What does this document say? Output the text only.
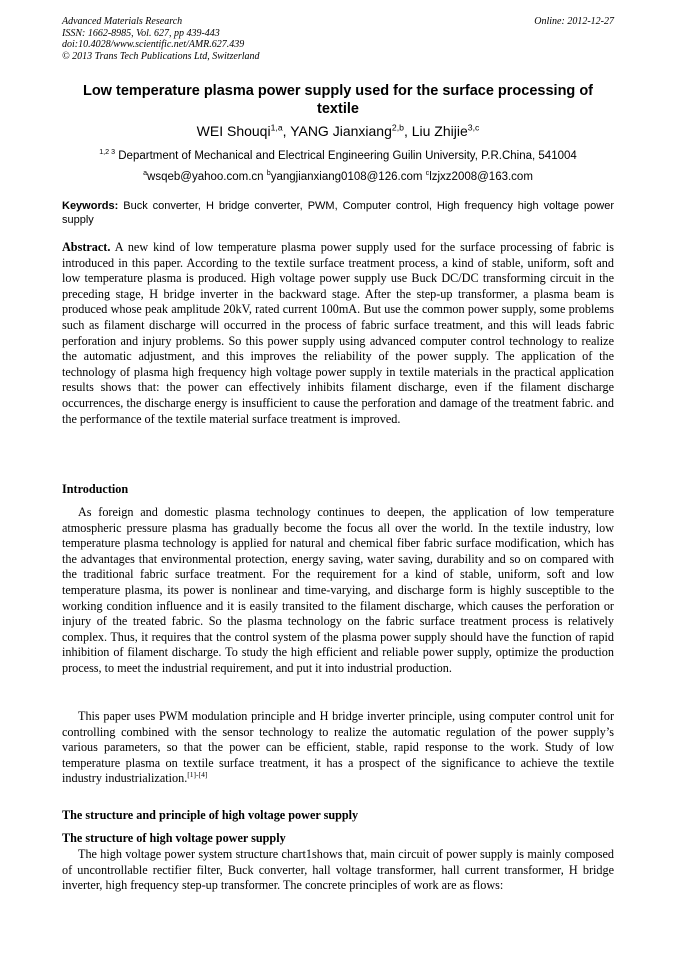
Advanced Materials Research
ISSN: 1662-8985, Vol. 627, pp 439-443
doi:10.4028/www.scientific.net/AMR.627.439
© 2013 Trans Tech Publications Ltd, Switzerland
Online: 2012-12-27
Low temperature plasma power supply used for the surface processing of textile
WEI Shouqi$^{1,a}$, YANG Jianxiang$^{2,b}$, Liu Zhijie$^{3,c}$
$^{1,2 3}$ Department of Mechanical and Electrical Engineering Guilin University, P.R.China, 541004
$^a$wsqeb@yahoo.com.cn $^b$yangjianxiang0108@126.com $^c$lzjxz2008@163.com
Keywords: Buck converter, H bridge converter, PWM, Computer control, High frequency high voltage power supply
Abstract. A new kind of low temperature plasma power supply used for the surface processing of fabric is introduced in this paper. According to the textile surface treatment process, a kind of stable, uniform, soft and low temperature plasma is produced. High voltage power supply use Buck DC/DC transforming circuit in the preceding stage, H bridge inverter in the backward stage. After the step-up transformer, a plasma beam is produced whose peak amplitude 20kV, rated current 100mA. But use the common power supply, some problems such as filament discharge will occurred in the process of fabric surface treatment, and this will leads fabric perforation and injury problems. So this power supply using advanced computer control technology to realize the automatic adjustment, and this improves the reliability of the power supply. The application of the technology of plasma high frequency high voltage power supply in textile materials in the practical application results shows that: the power can effectively inhibits filament discharge, even if the filament discharge occurrences, the discharge energy is insufficient to cause the perforation and damage of the treatment fabric. and the performance of the textile material surface treatment is improved.
Introduction
As foreign and domestic plasma technology continues to deepen, the application of low temperature atmospheric pressure plasma has gradually become the focus all over the world. In the textile industry, low temperature plasma technology is applied for natural and chemical fiber fabric surface modification, which has the advantages that environmental protection, energy saving, water saving, durability and so on compared with the traditional fabric surface treatment. For the requirement for a kind of stable, uniform, soft and low temperature plasma, its power is nonlinear and time-varying, and discharge form is highly susceptible to the working condition influence and it is easily transited to the filament discharge, which causes the perforation or injury of the treated fabric. So the plasma technology on the fabric surface treatment process is relatively complex. Thus, it requires that the control system of the plasma power supply should have the function of rapid inhibition of filament discharge. To study the high efficient and reliable power supply, optimize the production process, to meet the industrial requirement, and put it into industrial production.
This paper uses PWM modulation principle and H bridge inverter principle, using computer control unit for controlling combined with the sensor technology to realize the automatic regulation of the power supply’s various parameters, so that the power can be efficient, stable, rapid response to the work. Study of low temperature plasma on textile surface treatment, it has a prospect of the significance to achieve the textile industry industrialization.[1]-[4]
The structure and principle of high voltage power supply
The structure of high voltage power supply
The high voltage power system structure chart1shows that, main circuit of power supply is mainly composed of uncontrollable rectifier filter, Buck converter, hall voltage transformer, hall current transformer, H bridge inverter, high frequency step-up transformer. The concrete principles of work are as flows:
